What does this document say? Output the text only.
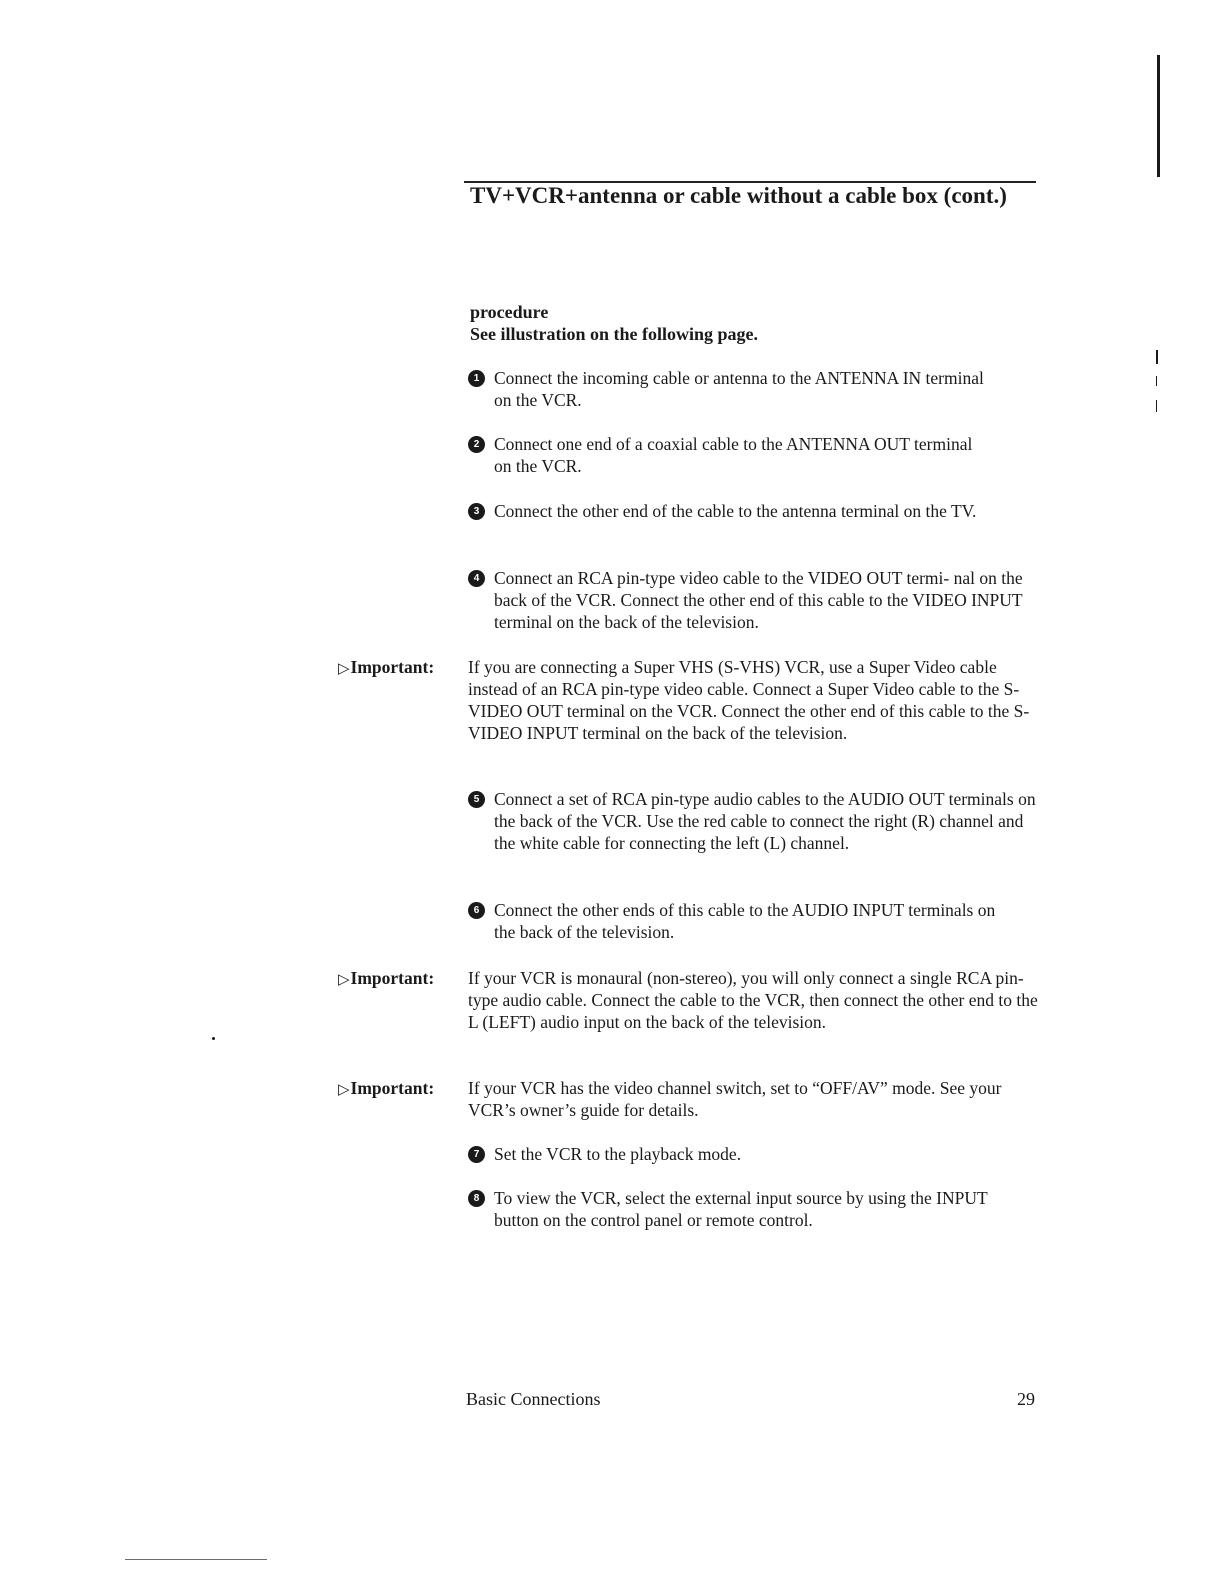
TV+VCR+antenna or cable without a cable box (cont.)
procedure
See illustration on the following page.
1 Connect the incoming cable or antenna to the ANTENNA IN terminal on the VCR.
2 Connect one end of a coaxial cable to the ANTENNA OUT terminal on the VCR.
3 Connect the other end of the cable to the antenna terminal on the TV.
4 Connect an RCA pin-type video cable to the VIDEO OUT termi- nal on the back of the VCR. Connect the other end of this cable to the VIDEO INPUT terminal on the back of the television.
▷Important:	If you are connecting a Super VHS (S-VHS) VCR, use a Super Video cable instead of an RCA pin-type video cable. Connect a Super Video cable to the S-VIDEO OUT terminal on the VCR. Connect the other end of this cable to the S-VIDEO INPUT terminal on the back of the television.
5 Connect a set of RCA pin-type audio cables to the AUDIO OUT terminals on the back of the VCR. Use the red cable to connect the right (R) channel and the white cable for connecting the left (L) channel.
6 Connect the other ends of this cable to the AUDIO INPUT terminals on the back of the television.
▷Important:	If your VCR is monaural (non-stereo), you will only connect a single RCA pin-type audio cable. Connect the cable to the VCR, then connect the other end to the L (LEFT) audio input on the back of the television.
▷Important:	If your VCR has the video channel switch, set to “OFF/AV” mode. See your VCR’s owner’s guide for details.
7 Set the VCR to the playback mode.
8 To view the VCR, select the external input source by using the INPUT button on the control panel or remote control.
Basic Connections	29
